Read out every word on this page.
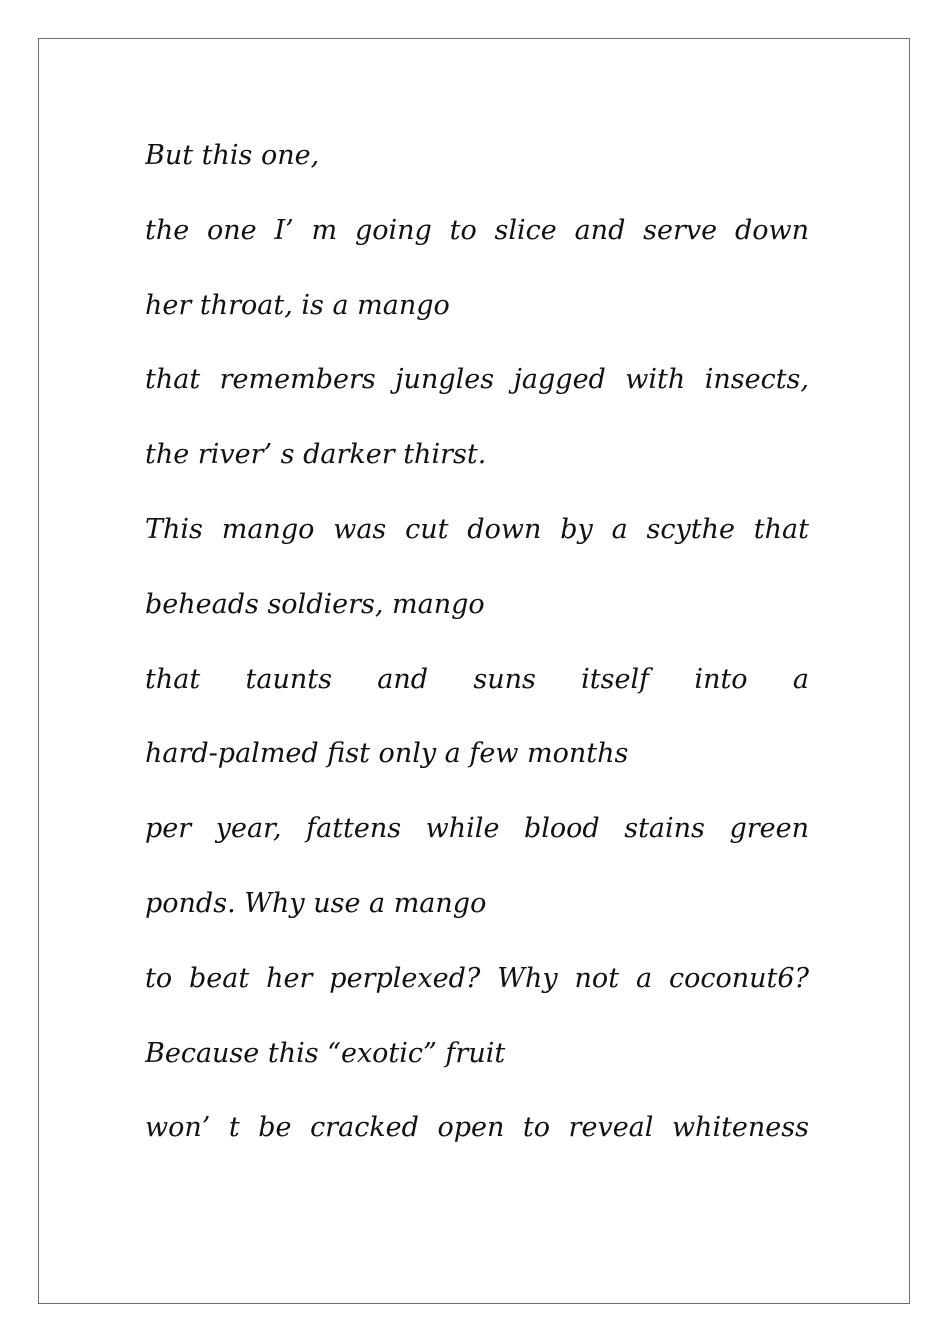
But this one,
the one I’ m going to slice and serve down
her throat, is a mango
that remembers jungles jagged with insects,
the river’ s darker thirst.
This mango was cut down by a scythe that
beheads soldiers, mango
that taunts and suns itself into a
hard-palmed fist only a few months
per year, fattens while blood stains green
ponds. Why use a mango
to beat her perplexed? Why not a coconut6?
Because this “exotic” fruit
won’ t be cracked open to reveal whiteness
